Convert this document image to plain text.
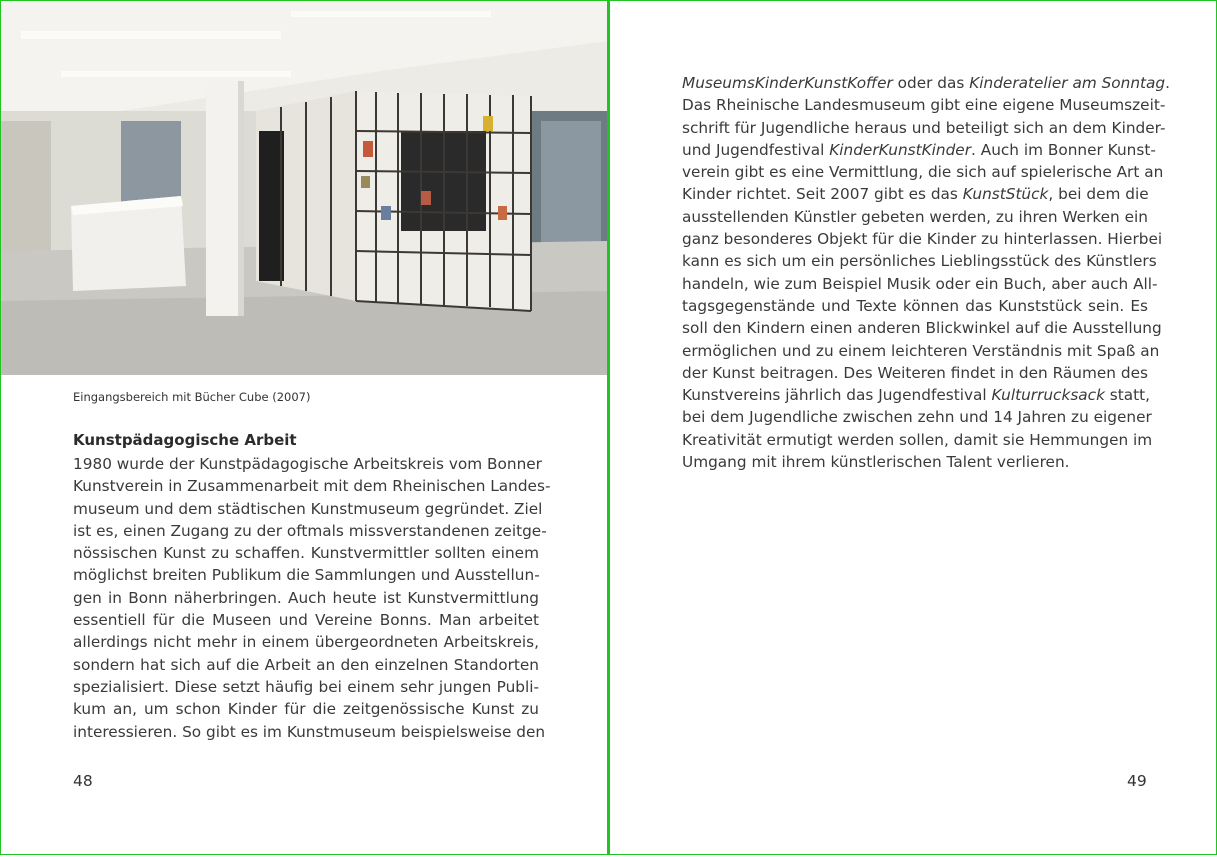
Eingangsbereich mit Bücher Cube (2007)
Kunstpädagogische Arbeit
1980 wurde der Kunstpädagogische Arbeitskreis vom Bonner
Kunstverein in Zusammenarbeit mit dem Rheinischen Landes-
museum und dem städtischen Kunstmuseum gegründet. Ziel
ist es, einen Zugang zu der oftmals missverstandenen zeitge-
nössischen Kunst zu schaffen. Kunstvermittler sollten einem
möglichst breiten Publikum die Sammlungen und Ausstellun-
gen in Bonn näherbringen. Auch heute ist Kunstvermittlung
essentiell für die Museen und Vereine Bonns. Man arbeitet
allerdings nicht mehr in einem übergeordneten Arbeitskreis,
sondern hat sich auf die Arbeit an den einzelnen Standorten
spezialisiert. Diese setzt häufig bei einem sehr jungen Publi-
kum an, um schon Kinder für die zeitgenössische Kunst zu
interessieren. So gibt es im Kunstmuseum beispielsweise den
48
MuseumsKinderKunstKoffer oder das Kinderatelier am Sonntag.
Das Rheinische Landesmuseum gibt eine eigene Museumszeit-
schrift für Jugendliche heraus und beteiligt sich an dem Kinder-
und Jugendfestival KinderKunstKinder. Auch im Bonner Kunst-
verein gibt es eine Vermittlung, die sich auf spielerische Art an
Kinder richtet. Seit 2007 gibt es das KunstStück, bei dem die
ausstellenden Künstler gebeten werden, zu ihren Werken ein
ganz besonderes Objekt für die Kinder zu hinterlassen. Hierbei
kann es sich um ein persönliches Lieblingsstück des Künstlers
handeln, wie zum Beispiel Musik oder ein Buch, aber auch All-
tagsgegenstände und Texte können das Kunststück sein. Es
soll den Kindern einen anderen Blickwinkel auf die Ausstellung
ermöglichen und zu einem leichteren Verständnis mit Spaß an
der Kunst beitragen. Des Weiteren findet in den Räumen des
Kunstvereins jährlich das Jugendfestival Kulturrucksack statt,
bei dem Jugendliche zwischen zehn und 14 Jahren zu eigener
Kreativität ermutigt werden sollen, damit sie Hemmungen im
Umgang mit ihrem künstlerischen Talent verlieren.
49
